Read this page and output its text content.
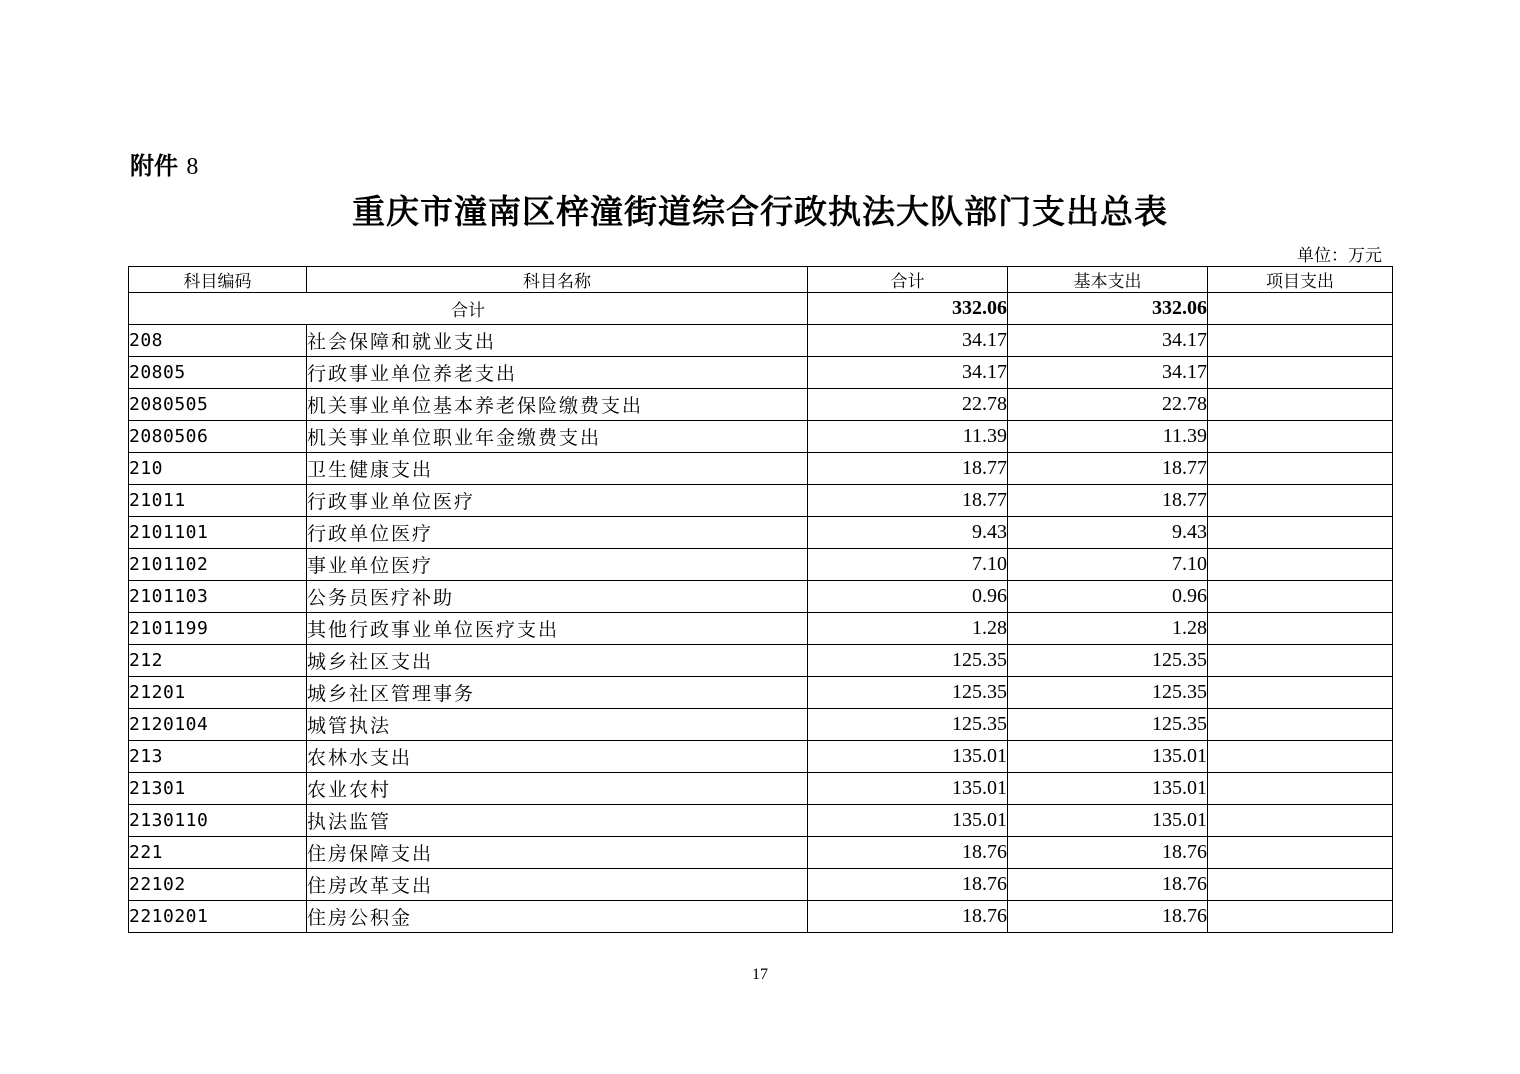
附件 8
重庆市潼南区梓潼街道综合行政执法大队部门支出总表
单位：万元
科目编码	科目名称	合计	基本支出	项目支出
合计		332.06	332.06	
208	社会保障和就业支出	34.17	34.17	
20805	行政事业单位养老支出	34.17	34.17	
2080505	机关事业单位基本养老保险缴费支出	22.78	22.78	
2080506	机关事业单位职业年金缴费支出	11.39	11.39	
210	卫生健康支出	18.77	18.77	
21011	行政事业单位医疗	18.77	18.77	
2101101	行政单位医疗	9.43	9.43	
2101102	事业单位医疗	7.10	7.10	
2101103	公务员医疗补助	0.96	0.96	
2101199	其他行政事业单位医疗支出	1.28	1.28	
212	城乡社区支出	125.35	125.35	
21201	城乡社区管理事务	125.35	125.35	
2120104	城管执法	125.35	125.35	
213	农林水支出	135.01	135.01	
21301	农业农村	135.01	135.01	
2130110	执法监管	135.01	135.01	
221	住房保障支出	18.76	18.76	
22102	住房改革支出	18.76	18.76	
2210201	住房公积金	18.76	18.76	
17
